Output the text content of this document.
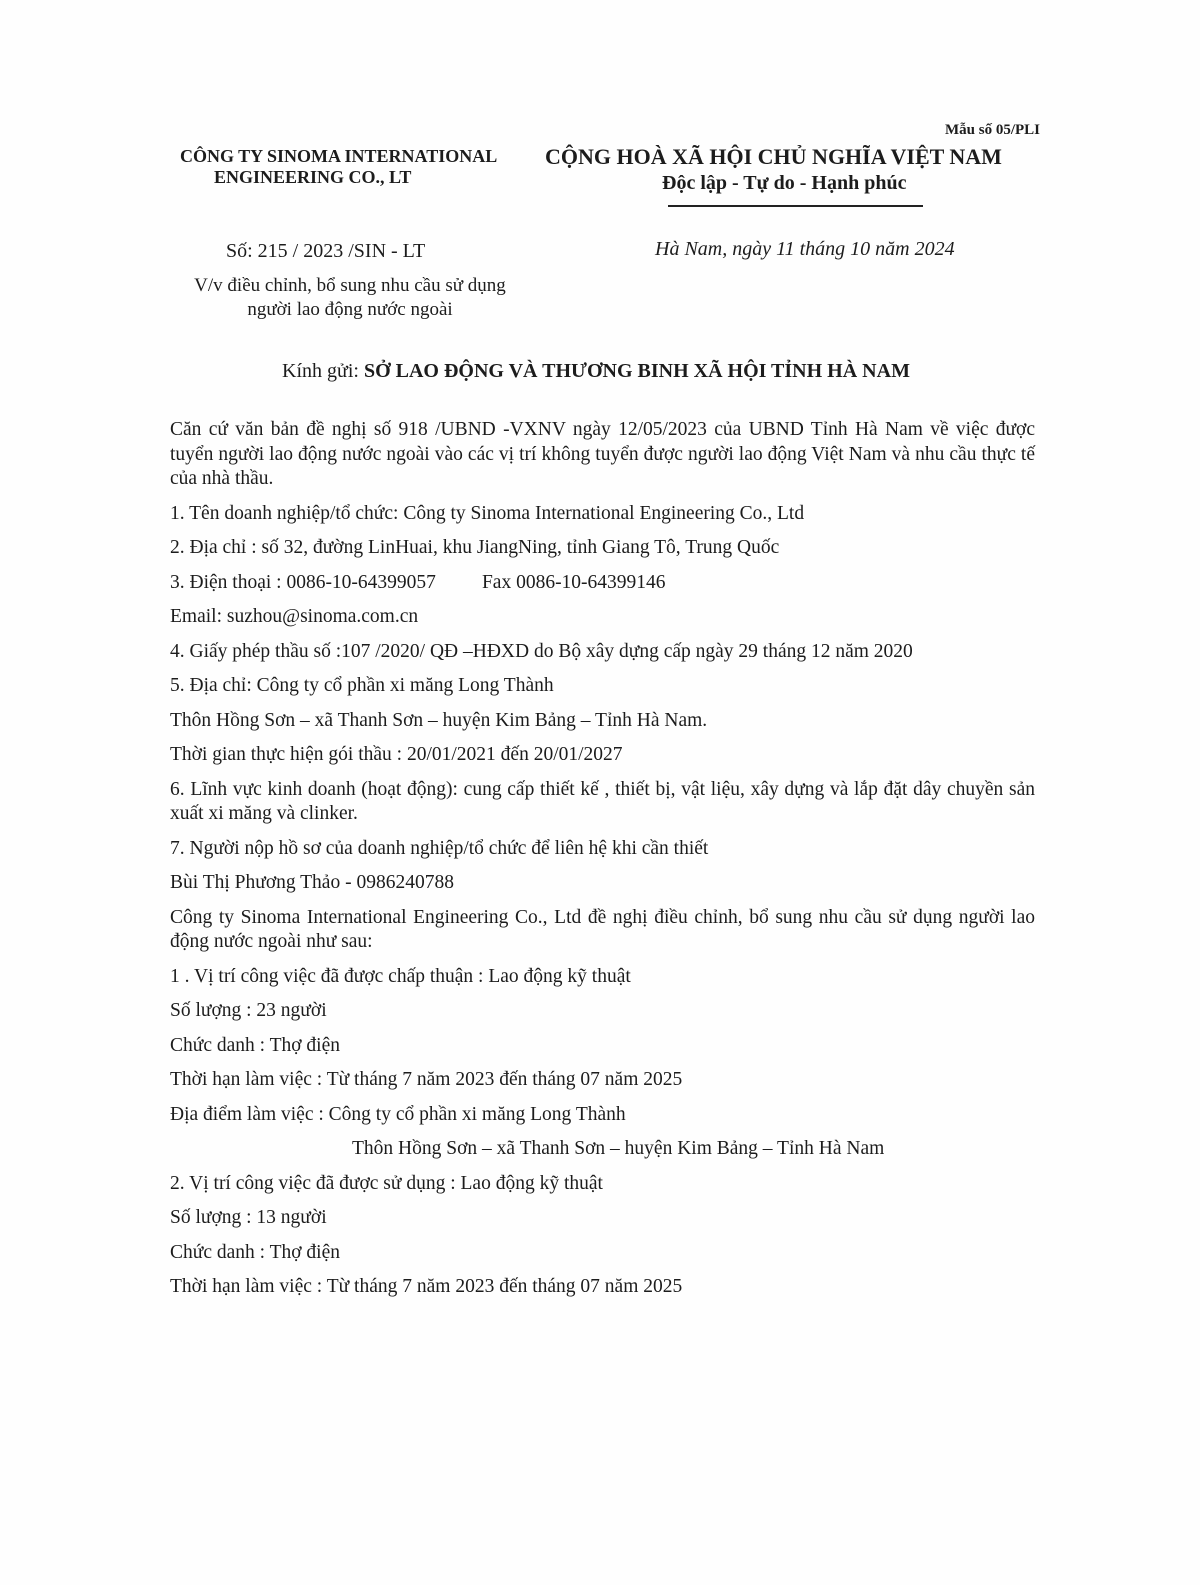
Mẫu số 05/PLI
CÔNG TY SINOMA INTERNATIONAL
ENGINEERING CO., LT
CỘNG HOÀ XÃ HỘI CHỦ NGHĨA VIỆT NAM
Độc lập - Tự do - Hạnh phúc
Số: 215 / 2023 /SIN - LT	Hà Nam, ngày 11 tháng 10 năm 2024
V/v điều chỉnh, bổ sung nhu cầu sử dụng người lao động nước ngoài
Kính gửi: SỞ LAO ĐỘNG VÀ THƯƠNG BINH XÃ HỘI TỈNH HÀ NAM

Căn cứ văn bản đề nghị số 918 /UBND -VXNV ngày 12/05/2023 của UBND Tỉnh Hà Nam về việc được tuyển người lao động nước ngoài vào các vị trí không tuyển được người lao động Việt Nam và nhu cầu thực tế của nhà thầu.

1. Tên doanh nghiệp/tổ chức: Công ty Sinoma International Engineering Co., Ltd

2. Địa chỉ : số 32, đường LinHuai, khu JiangNing, tỉnh Giang Tô, Trung Quốc

3. Điện thoại : 0086-10-64399057 Fax 0086-10-64399146

Email: suzhou@sinoma.com.cn

4. Giấy phép thầu số :107 /2020/ QĐ –HĐXD do Bộ xây dựng cấp ngày 29 tháng 12 năm 2020

5. Địa chỉ: Công ty cổ phần xi măng Long Thành

Thôn Hồng Sơn – xã Thanh Sơn – huyện Kim Bảng – Tỉnh Hà Nam.

Thời gian thực hiện gói thầu : 20/01/2021 đến 20/01/2027

6. Lĩnh vực kinh doanh (hoạt động): cung cấp thiết kế , thiết bị, vật liệu, xây dựng và lắp đặt dây chuyền sản xuất xi măng và clinker.

7. Người nộp hồ sơ của doanh nghiệp/tổ chức để liên hệ khi cần thiết

Bùi Thị Phương Thảo - 0986240788

Công ty Sinoma International Engineering Co., Ltd đề nghị điều chỉnh, bổ sung nhu cầu sử dụng người lao động nước ngoài như sau:

1 . Vị trí công việc đã được chấp thuận : Lao động kỹ thuật

Số lượng : 23 người

Chức danh : Thợ điện

Thời hạn làm việc : Từ tháng 7 năm 2023 đến tháng 07 năm 2025

Địa điểm làm việc : Công ty cổ phần xi măng Long Thành

Thôn Hồng Sơn – xã Thanh Sơn – huyện Kim Bảng – Tỉnh Hà Nam

2. Vị trí công việc đã được sử dụng : Lao động kỹ thuật

Số lượng : 13 người

Chức danh : Thợ điện

Thời hạn làm việc : Từ tháng 7 năm 2023 đến tháng 07 năm 2025
